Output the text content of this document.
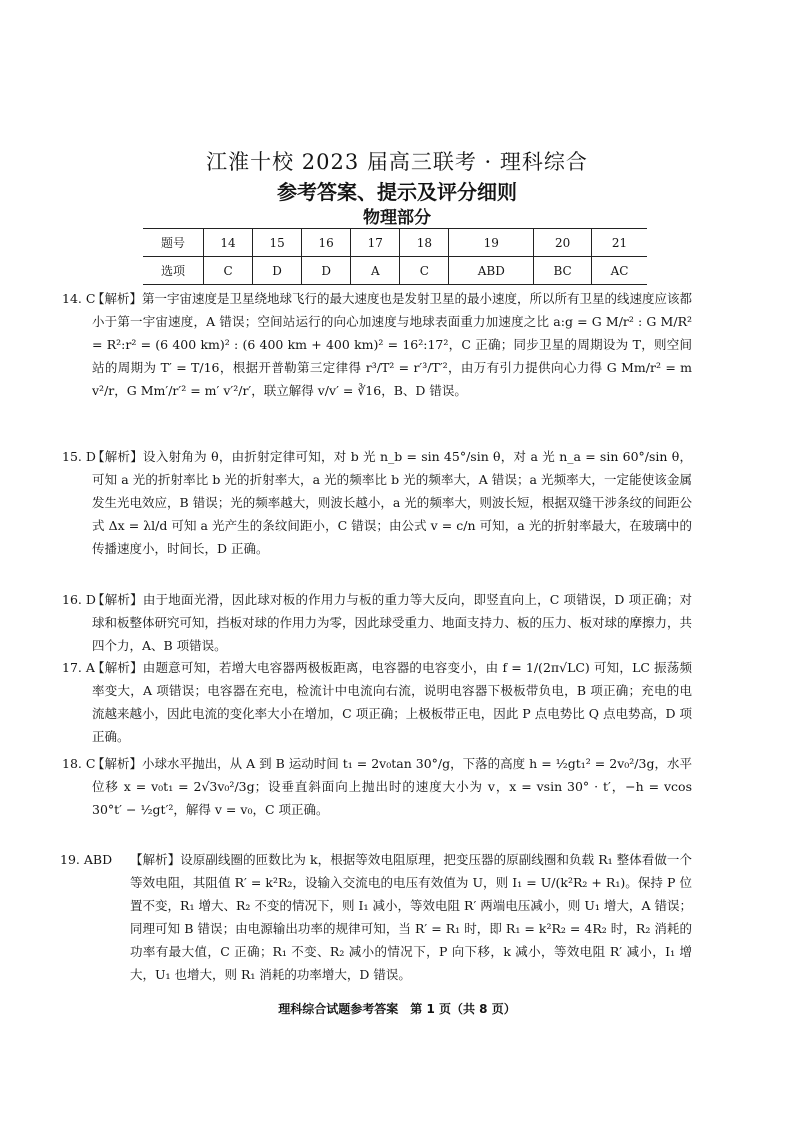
江淮十校 2023 届高三联考 · 理科综合
参考答案、提示及评分细则
物理部分
题号	14	15	16	17	18	19	20	21
选项	C	D	D	A	C	ABD	BC	AC
14. C

【解析】第一宇宙速度是卫星绕地球飞行的最大速度也是发射卫星的最小速度，所以所有卫星的线速度应该都小于第一宇宙速度，A 错误；空间站运行的向心加速度与地球表面重力加速度之比 a:g = G M/r² : G M/R² = R²:r² = (6 400 km)² : (6 400 km + 400 km)² = 16²:17²，C 正确；同步卫星的周期设为 T，则空间站的周期为 T′ = T/16，根据开普勒第三定律得 r³/T² = r′³/T′²，由万有引力提供向心力得 G Mm/r² = m v²/r，G Mm′/r′² = m′ v′²/r′，联立解得 v/v′ = ∛16，B、D 错误。

15. D

【解析】设入射角为 θ，由折射定律可知，对 b 光 n_b = sin 45°/sin θ，对 a 光 n_a = sin 60°/sin θ，可知 a 光的折射率比 b 光的折射率大，a 光的频率比 b 光的频率大，A 错误；a 光频率大，一定能使该金属发生光电效应，B 错误；光的频率越大，则波长越小，a 光的频率大，则波长短，根据双缝干涉条纹的间距公式 Δx = λl/d 可知 a 光产生的条纹间距小，C 错误；由公式 v = c/n 可知，a 光的折射率最大，在玻璃中的传播速度小，时间长，D 正确。

16. D

【解析】由于地面光滑，因此球对板的作用力与板的重力等大反向，即竖直向上，C 项错误，D 项正确；对球和板整体研究可知，挡板对球的作用力为零，因此球受重力、地面支持力、板的压力、板对球的摩擦力，共四个力，A、B 项错误。

17. A

【解析】由题意可知，若增大电容器两极板距离，电容器的电容变小，由 f = 1/(2π√LC) 可知，LC 振荡频率变大，A 项错误；电容器在充电，检流计中电流向右流，说明电容器下极板带负电，B 项正确；充电的电流越来越小，因此电流的变化率大小在增加，C 项正确；上极板带正电，因此 P 点电势比 Q 点电势高，D 项正确。

18. C

【解析】小球水平抛出，从 A 到 B 运动时间 t₁ = 2v₀tan 30°/g，下落的高度 h = ½gt₁² = 2v₀²/3g，水平位移 x = v₀t₁ = 2√3v₀²/3g；设垂直斜面向上抛出时的速度大小为 v，x = vsin 30° · t′，−h = vcos 30°t′ − ½gt′²，解得 v = v₀，C 项正确。

19. ABD 【解析】设原副线圈的匝数比为 k，根据等效电阻原理，把变压器的原副线圈和负载 R₁ 整体看做一个等效电阻，其阻值 R′ = k²R₂，设输入交流电的电压有效值为 U，则 I₁ = U/(k²R₂ + R₁)。保持 P 位置不变，R₁ 增大、R₂ 不变的情况下，则 I₁ 减小，等效电阻 R′ 两端电压减小，则 U₁ 增大，A 错误；同理可知 B 错误；由电源输出功率的规律可知，当 R′ = R₁ 时，即 R₁ = k²R₂ = 4R₂ 时，R₂ 消耗的功率有最大值，C 正确；R₁ 不变、R₂ 减小的情况下，P 向下移，k 减小，等效电阻 R′ 减小，I₁ 增大，U₁ 也增大，则 R₁ 消耗的功率增大，D 错误。

理科综合试题参考答案　第 1 页（共 8 页）
